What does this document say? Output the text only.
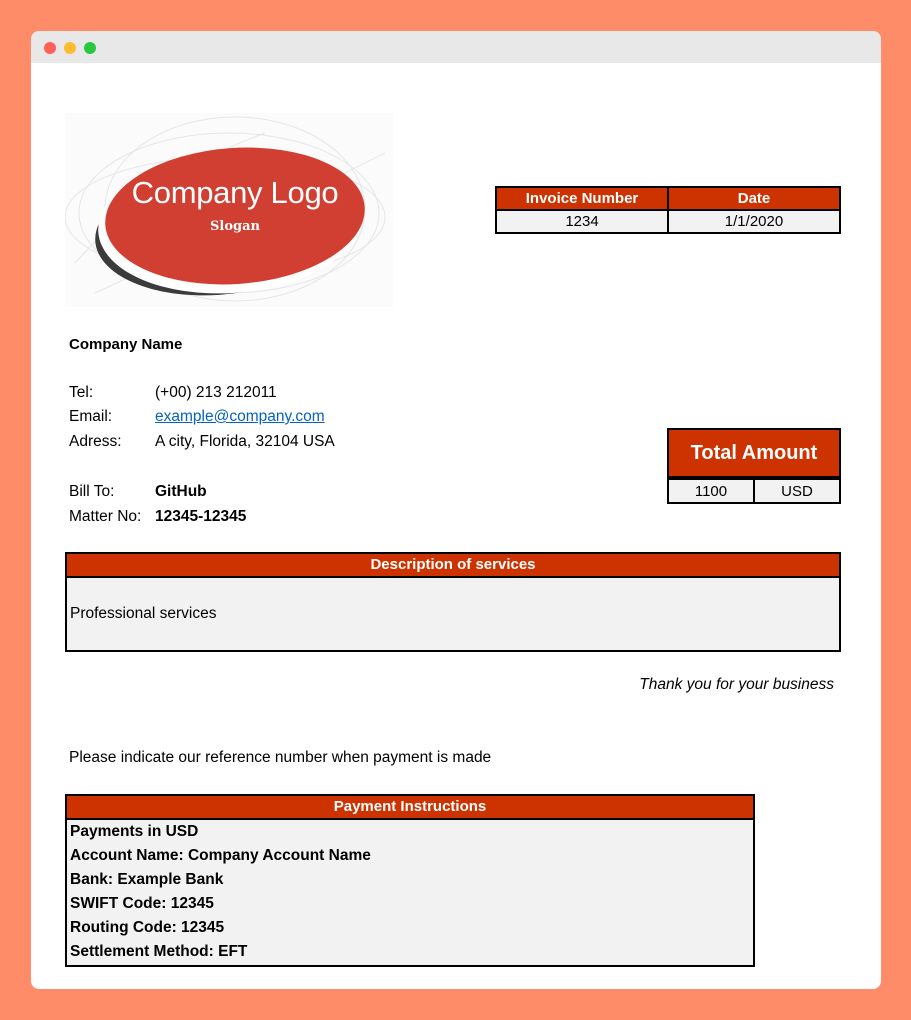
Company Logo
Slogan
Invoice Number	Date
1234	1/1/2020
Company Name
Tel:	(+00) 213 212011
Email:	example@company.com
Adress:	A city, Florida, 32104 USA
Bill To:	GitHub
Matter No: 12345-12345
Total Amount
1100	USD
Description of services
Professional services
Thank you for your business
Please indicate our reference number when payment is made
Payment Instructions
Payments in USD
Account Name: Company Account Name
Bank: Example Bank
SWIFT Code: 12345
Routing Code: 12345
Settlement Method: EFT
